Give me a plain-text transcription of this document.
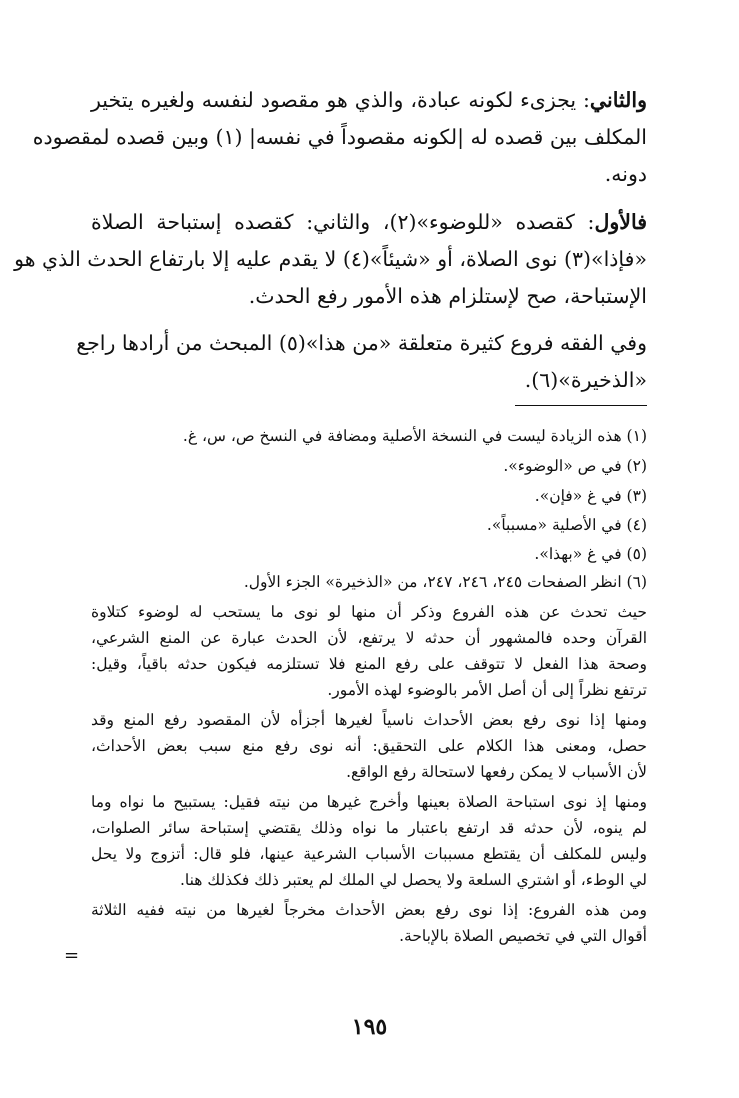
والثاني: يجزىء لكونه عبادة، والذي هو مقصود لنفسه ولغيره يتخير
المكلف بين قصده له |لكونه مقصوداً في نفسه| (١) وبين قصده لمقصوده
دونه.
فالأول: كقصده «للوضوء»(٢)، والثاني: كقصده إستباحة الصلاة
«فإذا»(٣) نوى الصلاة، أو «شيئاً»(٤) لا يقدم عليه إلا بارتفاع الحدث الذي هو
الإستباحة، صح لإستلزام هذه الأمور رفع الحدث.
وفي الفقه فروع كثيرة متعلقة «من هذا»(٥) المبحث من أرادها راجع
«الذخيرة»(٦).
(١) هذه الزيادة ليست في النسخة الأصلية ومضافة في النسخ ص، س، غ.
(٢) في ص «الوضوء».
(٣) في غ «فإن».
(٤) في الأصلية «مسبباً».
(٥) في غ «بهذا».
(٦) انظر الصفحات ٢٤٥، ٢٤٦، ٢٤٧، من «الذخيرة» الجزء الأول.
حيث تحدث عن هذه الفروع وذكر أن منها لو نوى ما يستحب له لوضوء كتلاوة
القرآن وحده فالمشهور أن حدثه لا يرتفع، لأن الحدث عبارة عن المنع الشرعي،
وصحة هذا الفعل لا تتوقف على رفع المنع فلا تستلزمه فيكون حدثه باقياً، وقيل:
ترتفع نظراً إلى أن أصل الأمر بالوضوء لهذه الأمور.
ومنها إذا نوى رفع بعض الأحداث ناسياً لغيرها أجزأه لأن المقصود رفع المنع وقد
حصل، ومعنى هذا الكلام على التحقيق: أنه نوى رفع منع سبب بعض الأحداث،
لأن الأسباب لا يمكن رفعها لاستحالة رفع الواقع.
ومنها إذ نوى استباحة الصلاة بعينها وأخرج غيرها من نيته فقيل: يستبيح ما نواه وما
لم ينوه، لأن حدثه قد ارتفع باعتبار ما نواه وذلك يقتضي إستباحة سائر الصلوات،
وليس للمكلف أن يقتطع مسببات الأسباب الشرعية عينها، فلو قال: أتزوج ولا يحل
لي الوطء، أو اشتري السلعة ولا يحصل لي الملك لم يعتبر ذلك فكذلك هنا.
ومن هذه الفروع: إذا نوى رفع بعض الأحداث مخرجاً لغيرها من نيته ففيه الثلاثة
أقوال التي في تخصيص الصلاة بالإباحة.
=
١٩٥
